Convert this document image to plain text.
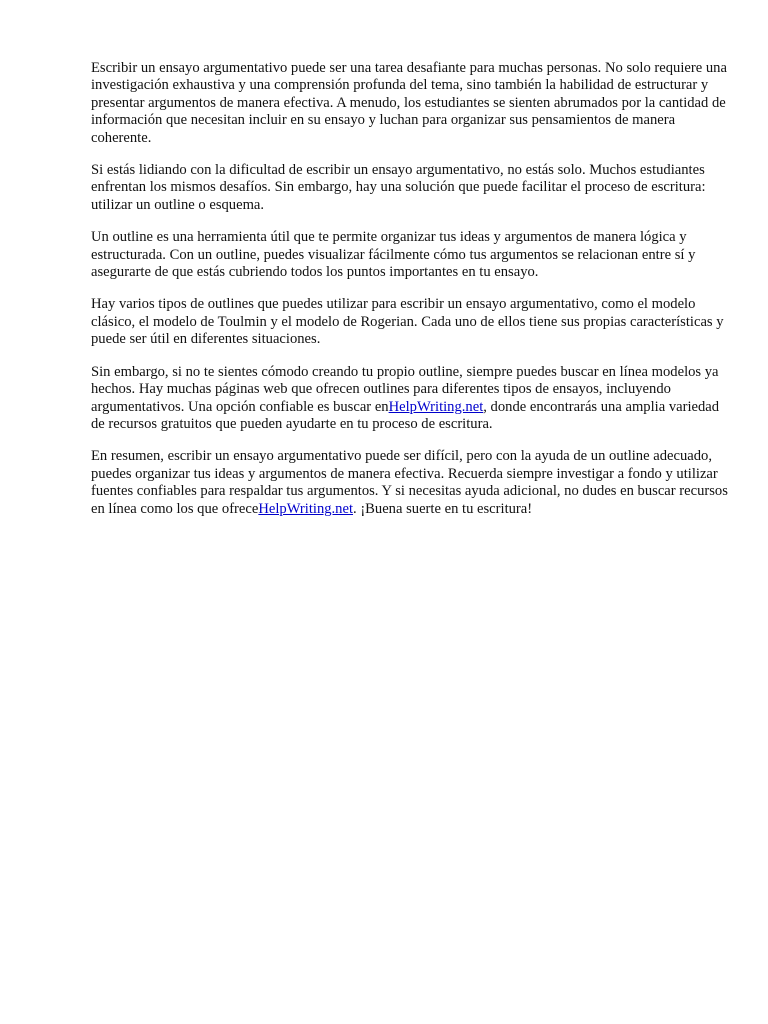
Escribir un ensayo argumentativo puede ser una tarea desafiante para muchas personas. No solo requiere una investigación exhaustiva y una comprensión profunda del tema, sino también la habilidad de estructurar y presentar argumentos de manera efectiva. A menudo, los estudiantes se sienten abrumados por la cantidad de información que necesitan incluir en su ensayo y luchan para organizar sus pensamientos de manera coherente.

Si estás lidiando con la dificultad de escribir un ensayo argumentativo, no estás solo. Muchos estudiantes enfrentan los mismos desafíos. Sin embargo, hay una solución que puede facilitar el proceso de escritura: utilizar un outline o esquema.

Un outline es una herramienta útil que te permite organizar tus ideas y argumentos de manera lógica y estructurada. Con un outline, puedes visualizar fácilmente cómo tus argumentos se relacionan entre sí y asegurarte de que estás cubriendo todos los puntos importantes en tu ensayo.

Hay varios tipos de outlines que puedes utilizar para escribir un ensayo argumentativo, como el modelo clásico, el modelo de Toulmin y el modelo de Rogerian. Cada uno de ellos tiene sus propias características y puede ser útil en diferentes situaciones.

Sin embargo, si no te sientes cómodo creando tu propio outline, siempre puedes buscar en línea modelos ya hechos. Hay muchas páginas web que ofrecen outlines para diferentes tipos de ensayos, incluyendo argumentativos. Una opción confiable es buscar enHelpWriting.net, donde encontrarás una amplia variedad de recursos gratuitos que pueden ayudarte en tu proceso de escritura.

En resumen, escribir un ensayo argumentativo puede ser difícil, pero con la ayuda de un outline adecuado, puedes organizar tus ideas y argumentos de manera efectiva. Recuerda siempre investigar a fondo y utilizar fuentes confiables para respaldar tus argumentos. Y si necesitas ayuda adicional, no dudes en buscar recursos en línea como los que ofreceHelpWriting.net. ¡Buena suerte en tu escritura!
